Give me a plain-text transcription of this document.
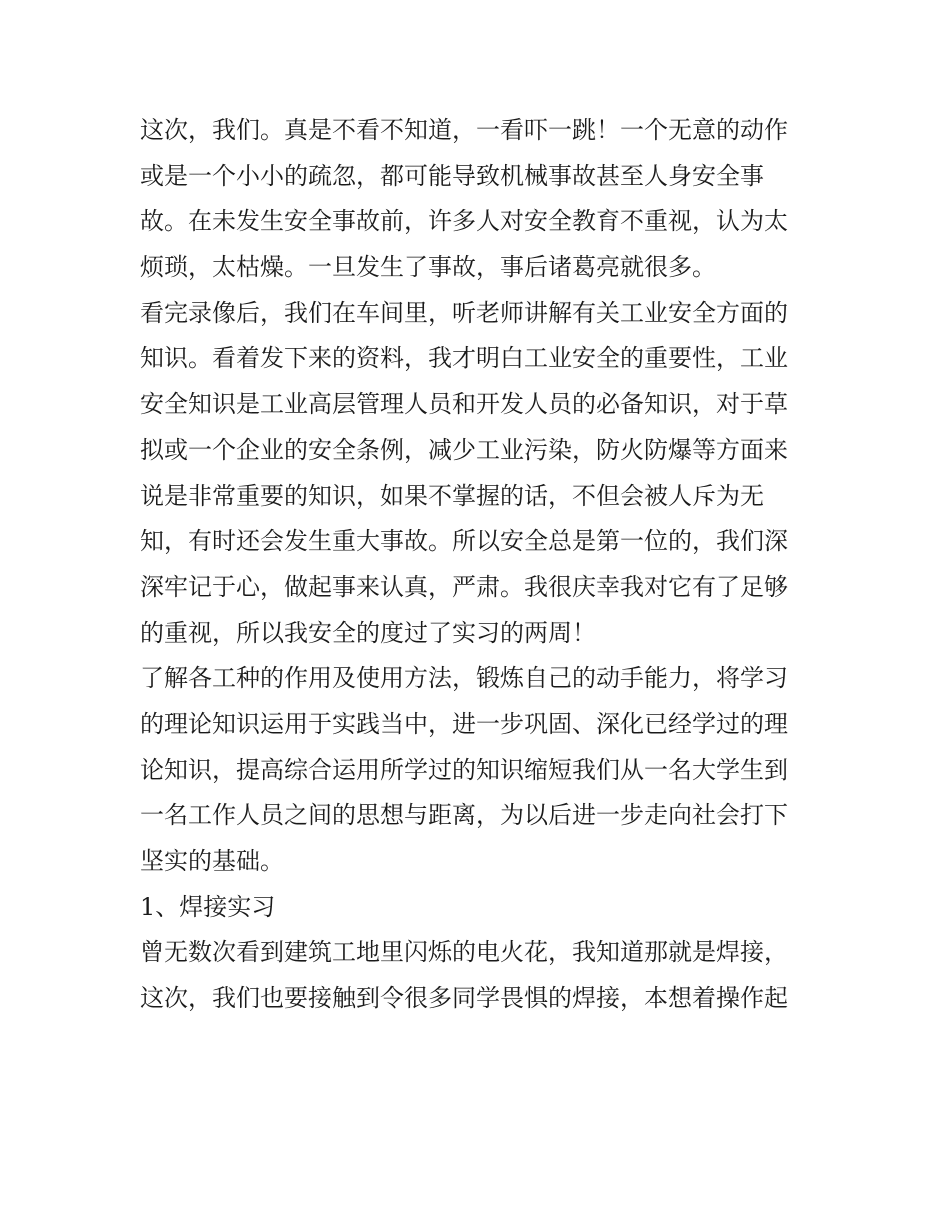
这次，我们。真是不看不知道，一看吓一跳！一个无意的动作
或是一个小小的疏忽，都可能导致机械事故甚至人身安全事
故。在未发生安全事故前，许多人对安全教育不重视，认为太
烦琐，太枯燥。一旦发生了事故，事后诸葛亮就很多。
看完录像后，我们在车间里，听老师讲解有关工业安全方面的
知识。看着发下来的资料，我才明白工业安全的重要性，工业
安全知识是工业高层管理人员和开发人员的必备知识，对于草
拟或一个企业的安全条例，减少工业污染，防火防爆等方面来
说是非常重要的知识，如果不掌握的话，不但会被人斥为无
知，有时还会发生重大事故。所以安全总是第一位的，我们深
深牢记于心，做起事来认真，严肃。我很庆幸我对它有了足够
的重视，所以我安全的度过了实习的两周！
了解各工种的作用及使用方法，锻炼自己的动手能力，将学习
的理论知识运用于实践当中，进一步巩固、深化已经学过的理
论知识，提高综合运用所学过的知识缩短我们从一名大学生到
一名工作人员之间的思想与距离，为以后进一步走向社会打下
坚实的基础。
1、焊接实习
曾无数次看到建筑工地里闪烁的电火花，我知道那就是焊接，
这次，我们也要接触到令很多同学畏惧的焊接，本想着操作起
